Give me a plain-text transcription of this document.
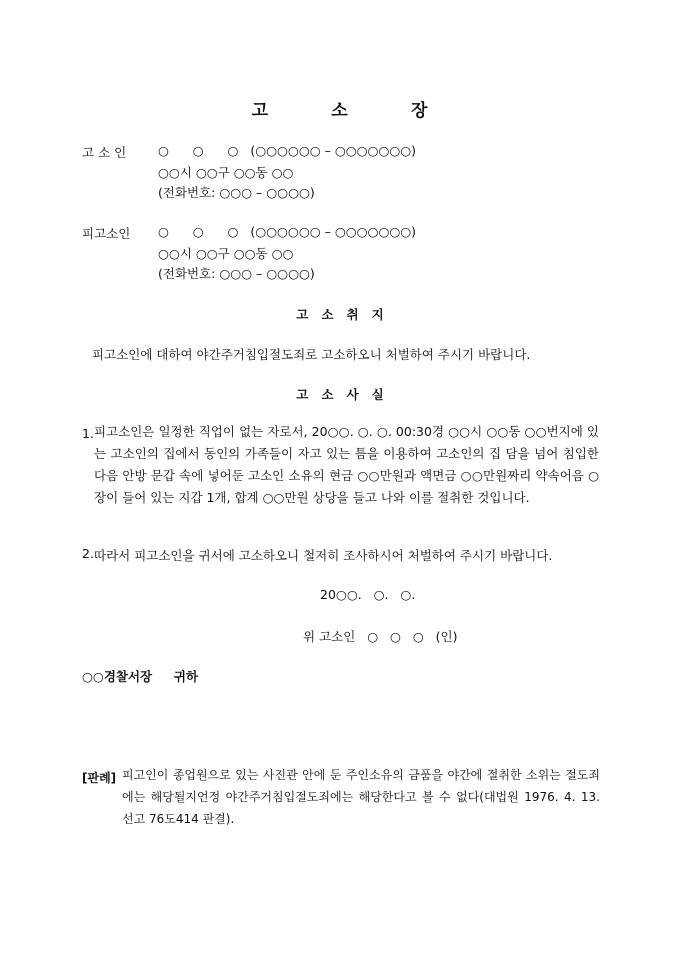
고         소         장
고 소 인	○      ○      ○   (○○○○○○ – ○○○○○○○)
○○시 ○○구 ○○동 ○○
(전화번호: ○○○ – ○○○○)
피고소인 ○      ○      ○   (○○○○○○ – ○○○○○○○)
○○시 ○○구 ○○동 ○○
(전화번호: ○○○ – ○○○○)
고   소   취   지
피고소인에 대하여 야간주거침입절도죄로 고소하오니 처벌하여 주시기 바랍니다.
고   소   사   실
1. 피고소인은 일정한 직업이 없는 자로서, 20○○. ○. ○. 00:30경 ○○시 ○○동 ○○번지에 있는 고소인의 집에서 동인의 가족들이 자고 있는 틈을 이용하여 고소인의 집 담을 넘어 침입한 다음 안방 문갑 속에 넣어둔 고소인 소유의 현금 ○○만원과 액면금 ○○만원짜리 약속어음 ○장이 들어 있는 지갑 1개, 합계 ○○만원 상당을 들고 나와 이를 절취한 것입니다.
2. 따라서 피고소인을 귀서에 고소하오니 철저히 조사하시어 처벌하여 주시기 바랍니다.
20○○.   ○.   ○.
위 고소인   ○   ○   ○   (인)
○○경찰서장     귀하
[판례] 피고인이 종업원으로 있는 사진관 안에 둔 주인소유의 금품을 야간에 절취한 소위는 절도죄에는 해당될지언정 야간주거침입절도죄에는 해당한다고 볼 수 없다(대법원 1976. 4. 13. 선고 76도414 판결).
